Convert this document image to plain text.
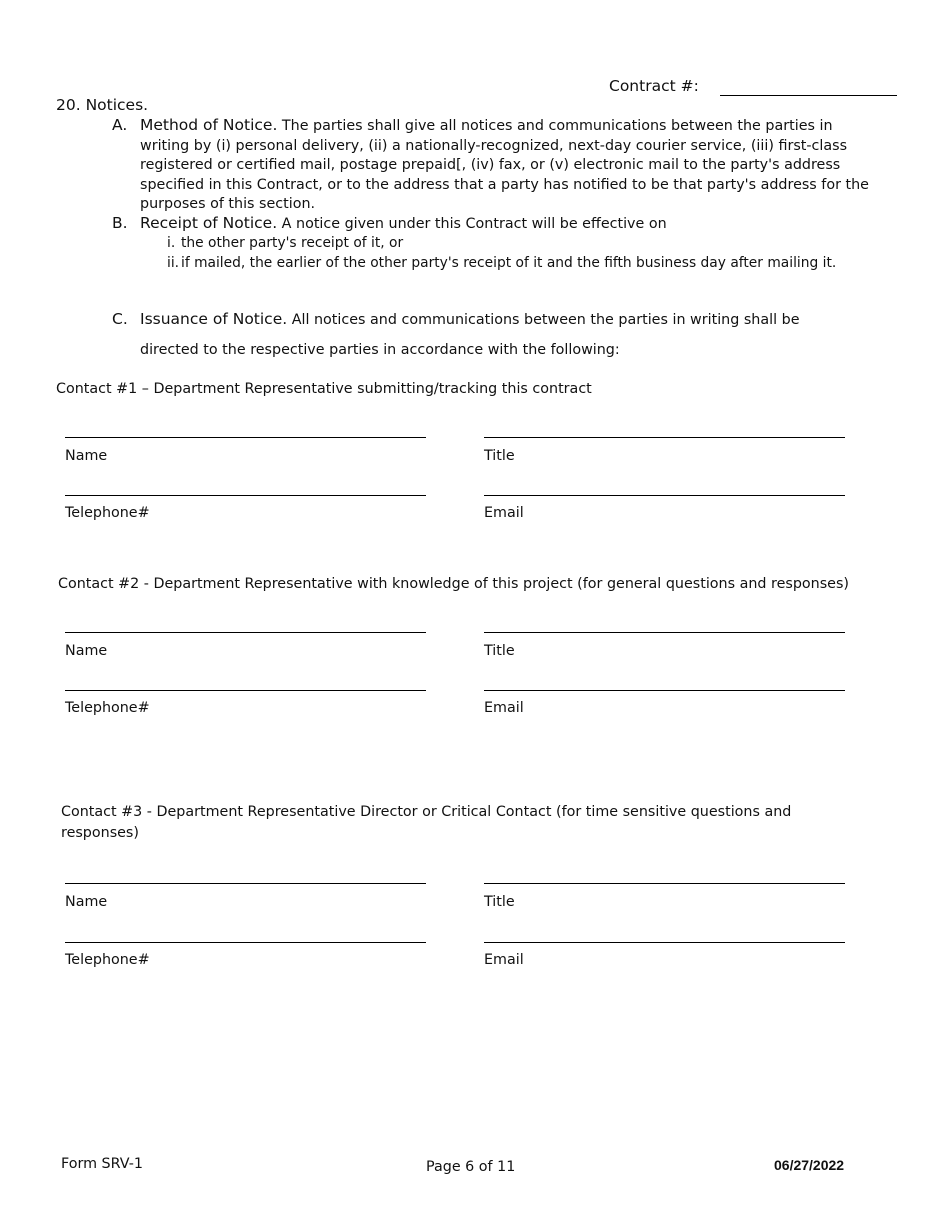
Contract #:
20. Notices.
A. Method of Notice. The parties shall give all notices and communications between the parties in writing by (i) personal delivery, (ii) a nationally-recognized, next-day courier service, (iii) first-class registered or certified mail, postage prepaid[, (iv) fax, or (v) electronic mail to the party's address specified in this Contract, or to the address that a party has notified to be that party's address for the purposes of this section.
B. Receipt of Notice. A notice given under this Contract will be effective on
i. the other party's receipt of it, or
ii. if mailed, the earlier of the other party's receipt of it and the fifth business day after mailing it.
C. Issuance of Notice. All notices and communications between the parties in writing shall be
directed to the respective parties in accordance with the following:
Contact #1 – Department Representative submitting/tracking this contract
Name	Title
Telephone#	Email
Contact #2 - Department Representative with knowledge of this project (for general questions and responses)
Name	Title
Telephone#	Email
Contact #3 - Department Representative Director or Critical Contact (for time sensitive questions and responses)
Name	Title
Telephone#	Email
Form SRV-1	Page 6 of 11	06/27/2022
